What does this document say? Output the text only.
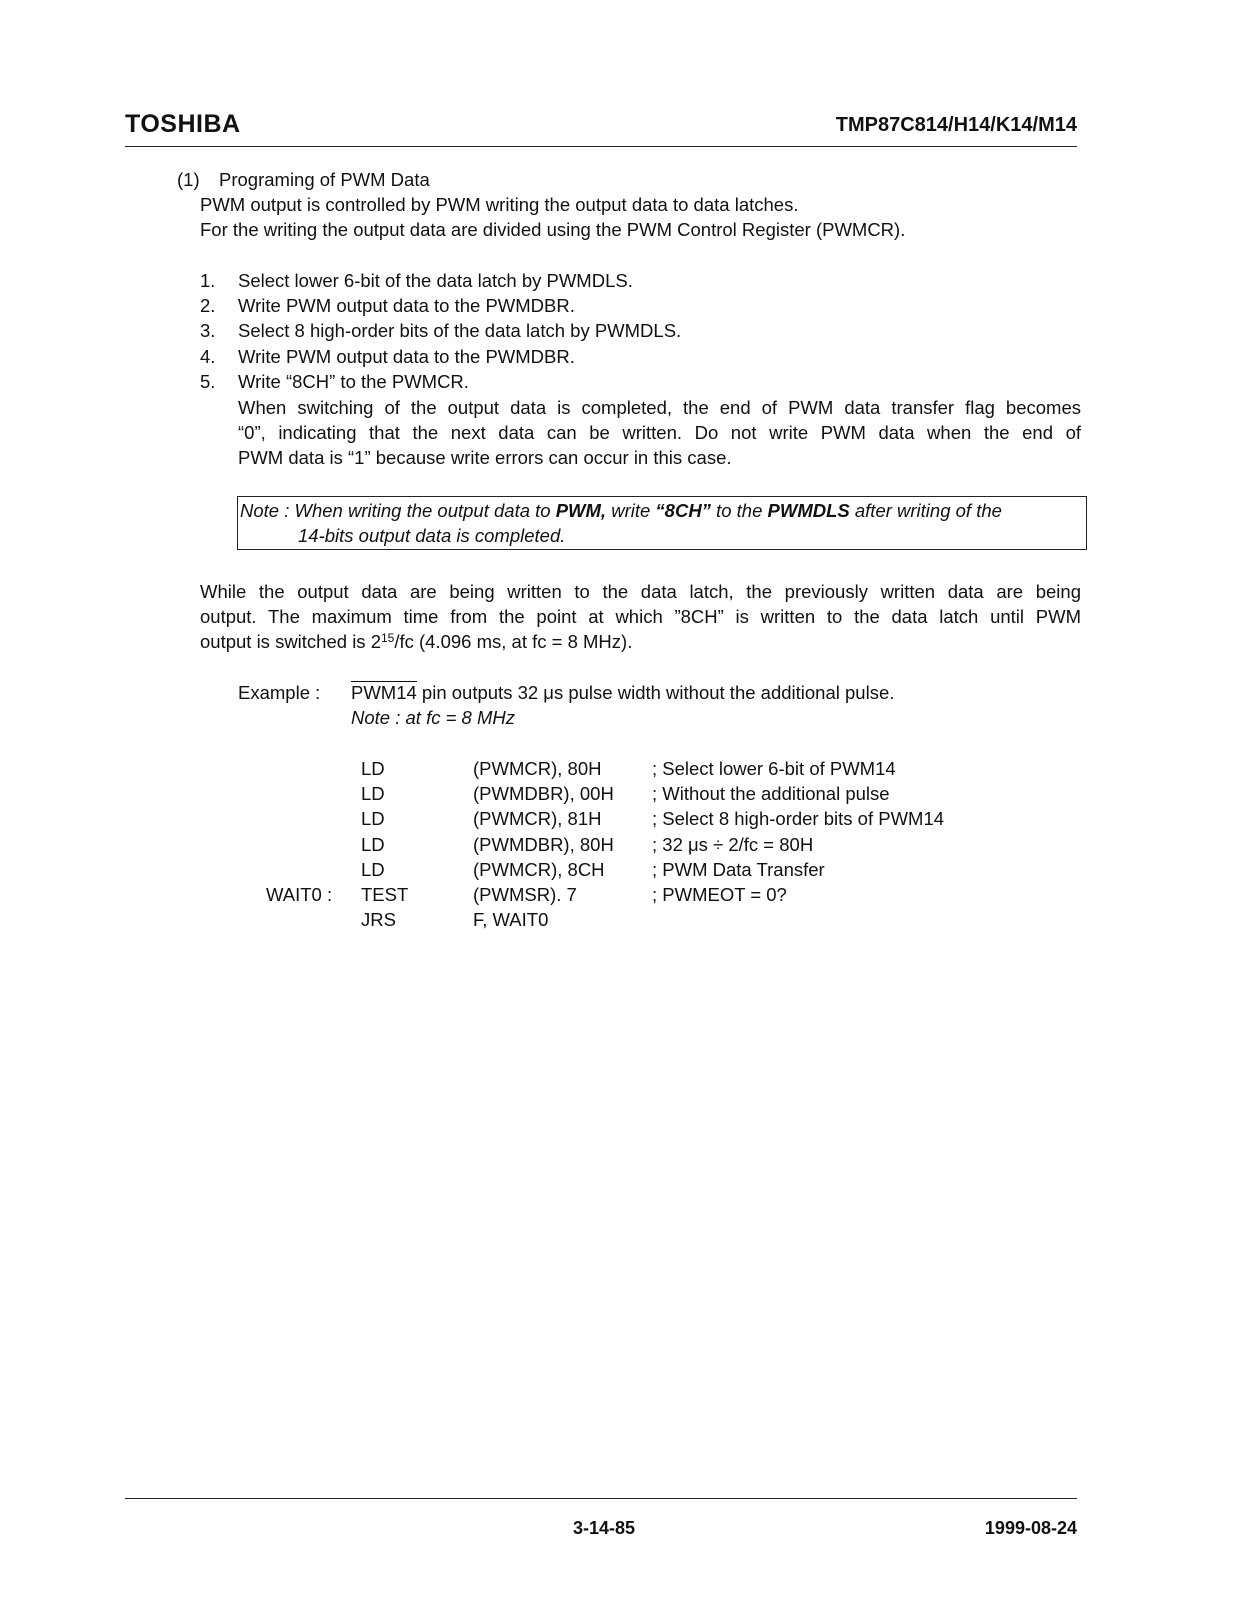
TOSHIBA	TMP87C814/H14/K14/M14
(1) Programing of PWM Data
PWM output is controlled by PWM writing the output data to data latches.
For the writing the output data are divided using the PWM Control Register (PWMCR).
1. Select lower 6-bit of the data latch by PWMDLS.
2. Write PWM output data to the PWMDBR.
3. Select 8 high-order bits of the data latch by PWMDLS.
4. Write PWM output data to the PWMDBR.
5. Write “8CH” to the PWMCR.
When switching of the output data is completed, the end of PWM data transfer flag becomes
“0”, indicating that the next data can be written. Do not write PWM data when the end of
PWM data is “1” because write errors can occur in this case.
Note : When writing the output data to PWM, write “8CH” to the PWMDLS after writing of the
14-bits output data is completed.
While the output data are being written to the data latch, the previously written data are being
output. The maximum time from the point at which ”8CH” is written to the data latch until PWM
output is switched is $2^{15}/fc$ (4.096 ms, at fc = 8 MHz).
Example : PWM14 pin outputs 32 μs pulse width without the additional pulse.
Note : at fc = 8 MHz
LD	(PWMCR), 80H	; Select lower 6-bit of PWM14
LD	(PWMDBR), 00H ; Without the additional pulse
LD	(PWMCR), 81H	; Select 8 high-order bits of PWM14
LD	(PWMDBR), 80H ; 32 μs ÷ 2/fc = 80H
LD	(PWMCR), 8CH	; PWM Data Transfer
WAIT0 : TEST	(PWMSR). 7	; PWMEOT = 0?
JRS	F, WAIT0
3-14-85	1999-08-24
